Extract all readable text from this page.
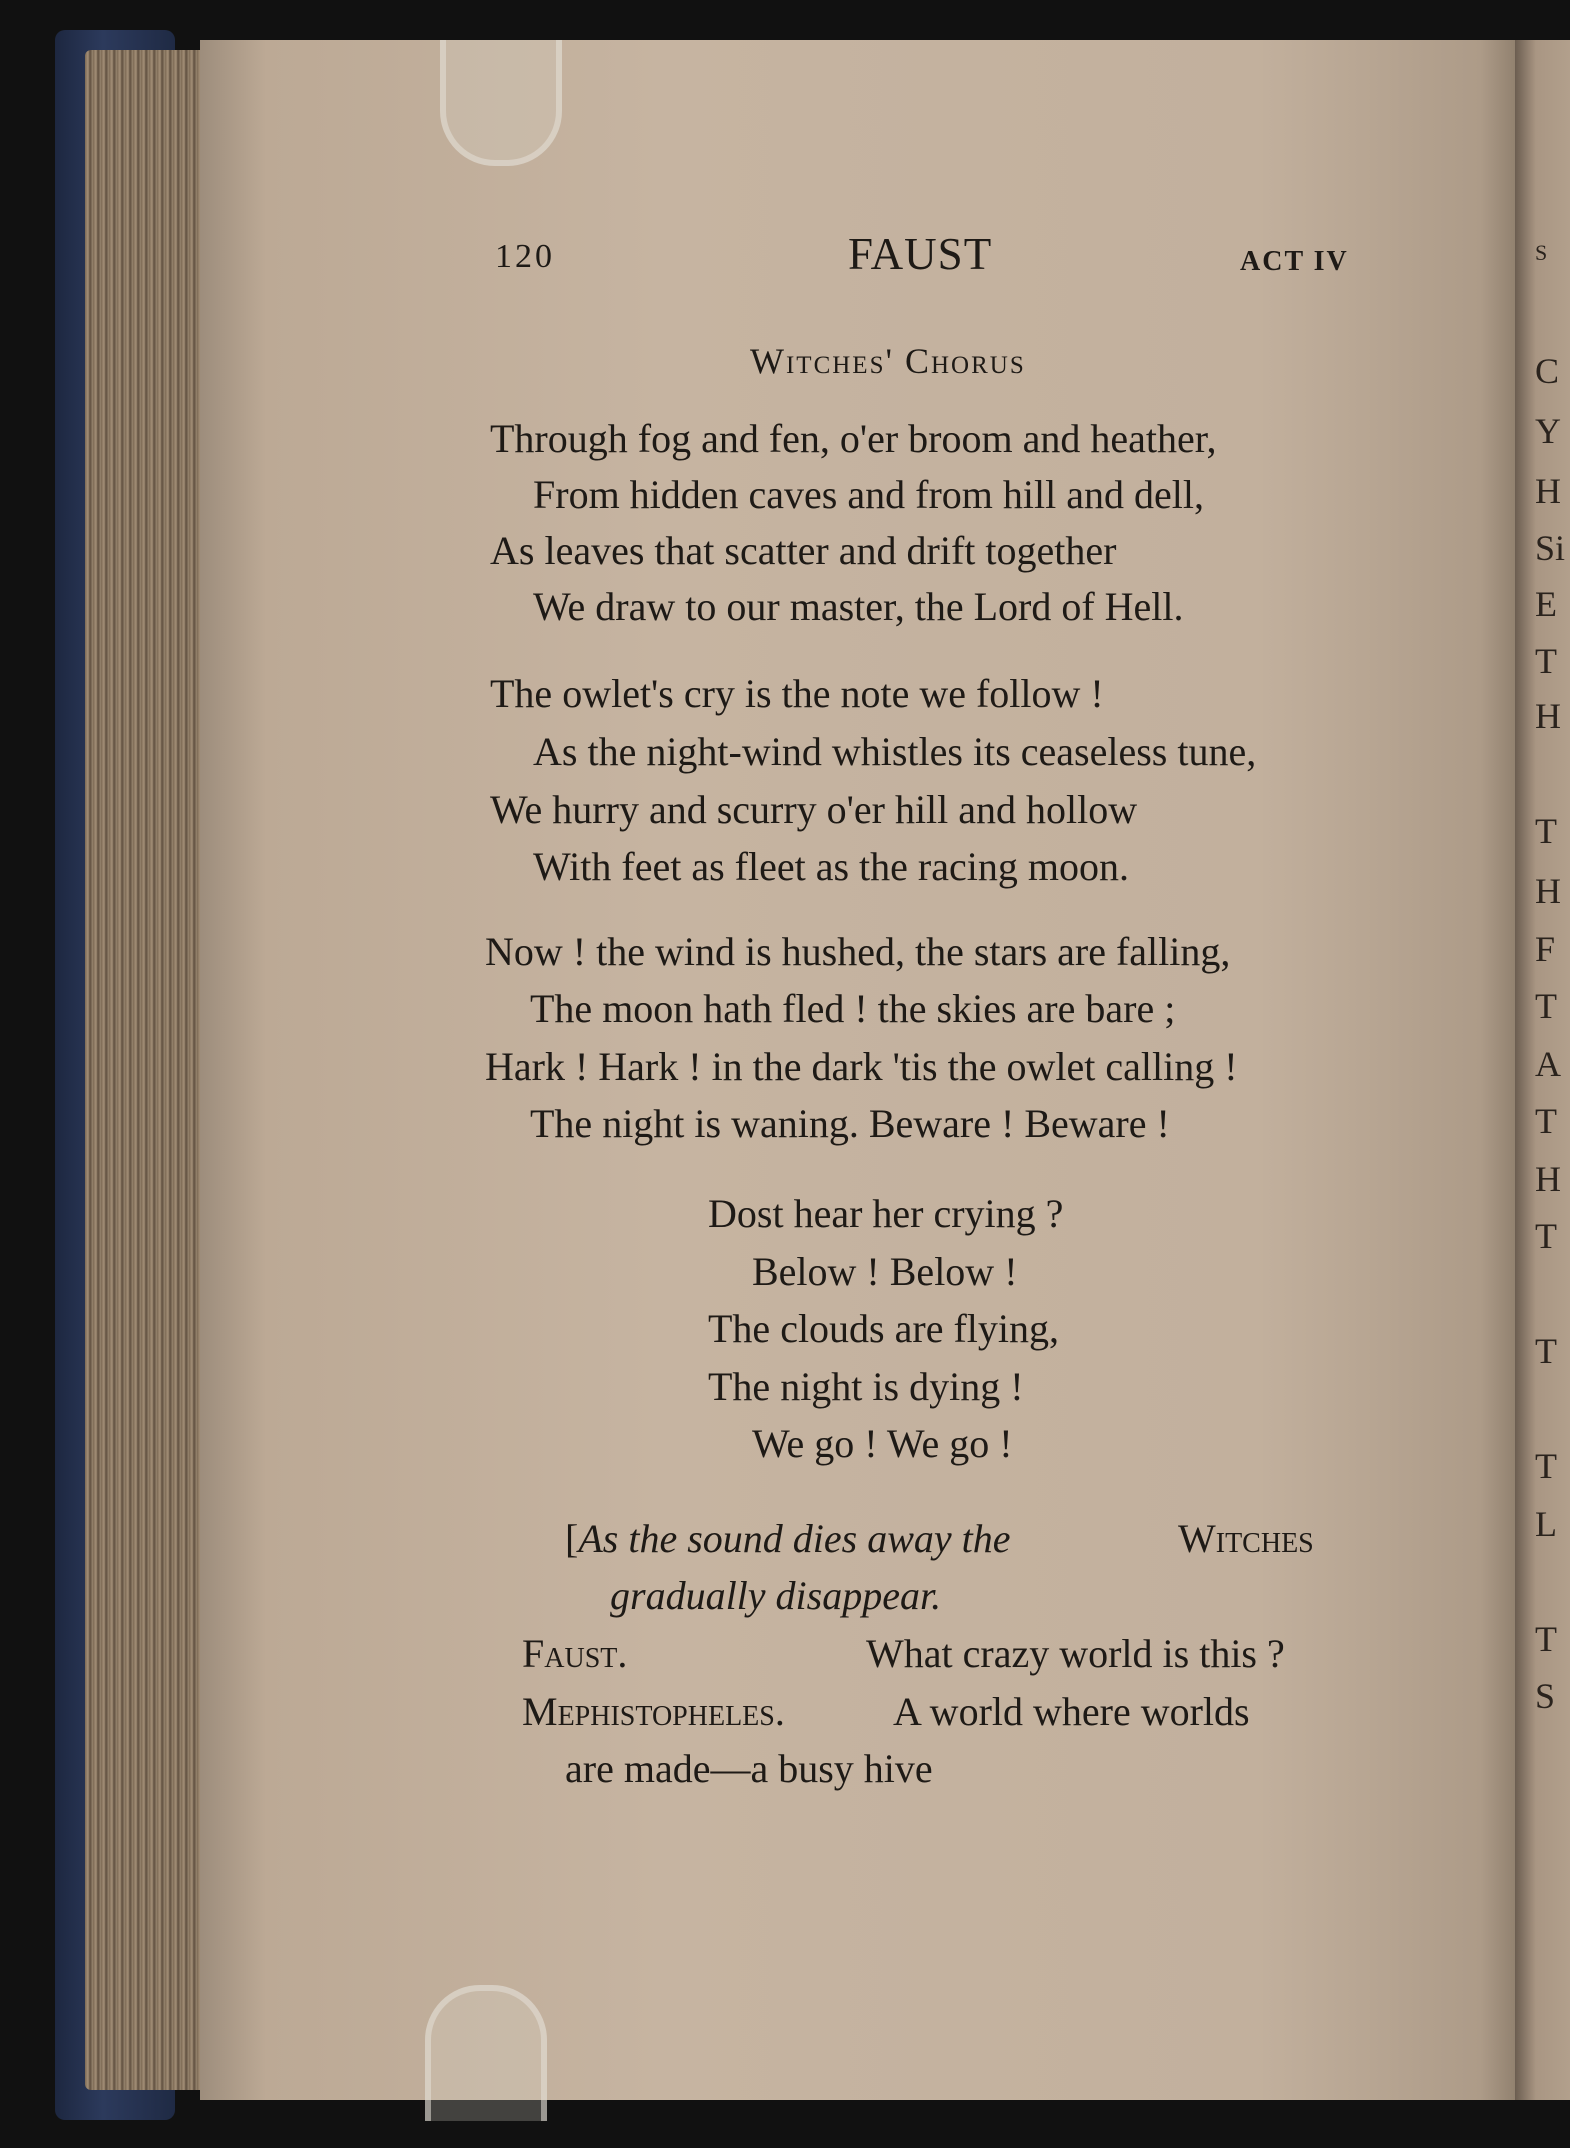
S
C
Y
H
Si
E
T
H
T
H
F
T
A
T
H
T
T
T
L
T
S
120	FAUST	ACT IV
Witches' Chorus
Through fog and fen, o'er broom and heather,
From hidden caves and from hill and dell,
As leaves that scatter and drift together
We draw to our master, the Lord of Hell.
The owlet's cry is the note we follow !
As the night-wind whistles its ceaseless tune,
We hurry and scurry o'er hill and hollow
With feet as fleet as the racing moon.
Now ! the wind is hushed, the stars are falling,
The moon hath fled ! the skies are bare ;
Hark ! Hark ! in the dark 'tis the owlet calling !
The night is waning. Beware ! Beware !
Dost hear her crying ?
Below ! Below !
The clouds are flying,
The night is dying !
We go ! We go !
[As the sound dies away the	Witches
gradually disappear.
Faust.	What crazy world is this ?
Mephistopheles.	A world where worlds
are made—a busy hive
